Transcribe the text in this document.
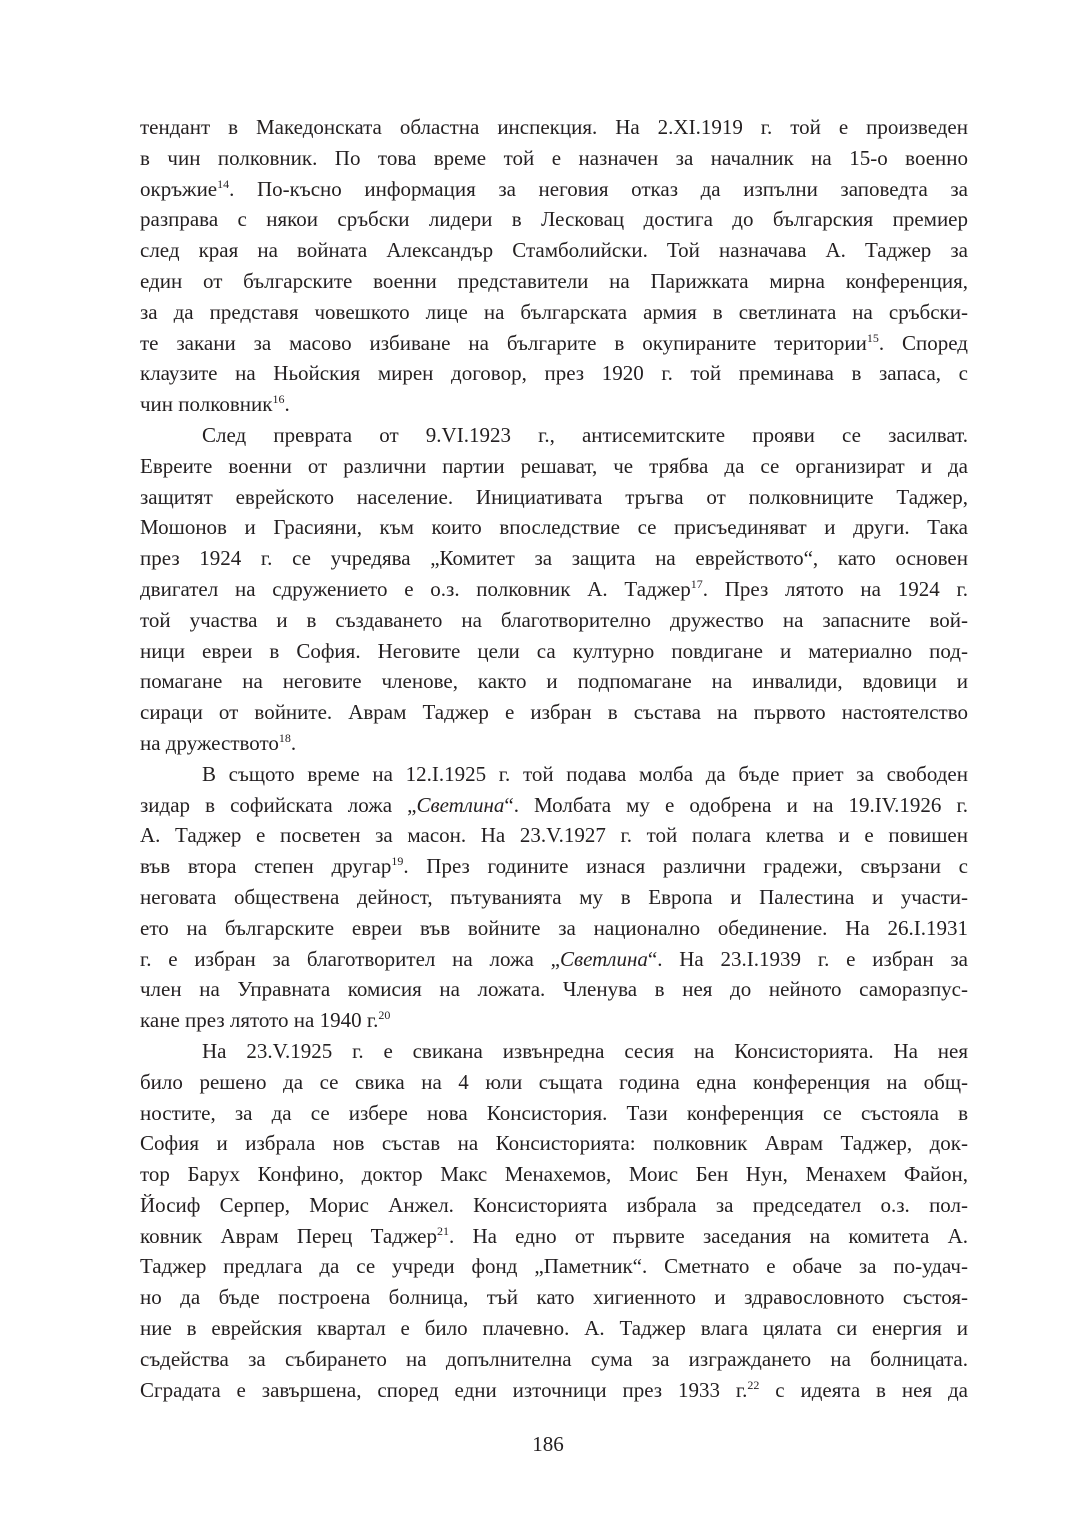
тендант в Македонската областна инспекция. На 2.XI.1919 г. той е произведен
в чин полковник. По това време той е назначен за началник на 15-о военно
окръжие$^{14}$. По-късно информация за неговия отказ да изпълни заповедта за
разправа с някои сръбски лидери в Лесковац достига до българския премиер
след края на войната Александър Стамболийски. Той назначава А. Таджер за
един от българските военни представители на Парижката мирна конференция,
за да представя човешкото лице на българската армия в светлината на сръбски-
те закани за масово избиване на българите в окупираните територии$^{15}$. Според
клаузите на Ньойския мирен договор, през 1920 г. той преминава в запаса, с
чин полковник$^{16}$.
След превратa от 9.VI.1923 г., антисемитските прояви се засилват.
Евреите военни от различни партии решават, че трябва да се организират и да
защитят еврейското население. Инициативата тръгва от полковниците Таджер,
Мошонов и Грасияни, към които впоследствие се присъединяват и други. Така
през 1924 г. се учредява „Комитет за защита на еврейството“, като основен
двигател на сдружението е о.з. полковник А. Таджер$^{17}$. През лятото на 1924 г.
той участва и в създаването на благотворително дружество на запасните вой-
ници евреи в София. Неговите цели са културно повдигане и материално под-
помагане на неговите членове, както и подпомагане на инвалиди, вдовици и
сираци от войните. Аврам Таджер е избран в състава на първото настоятелство
на дружеството$^{18}$.
В същото време на 12.I.1925 г. той подава молба да бъде приет за свободен
зидар в софийската ложа „Светлина“. Молбата му е одобрена и на 19.IV.1926 г.
А. Таджер е посветен за масон. На 23.V.1927 г. той полага клетва и е повишен
във втора степен другар$^{19}$. През годините изнася различни градежи, свързани с
неговата обществена дейност, пътуванията му в Европа и Палестина и участи-
ето на българските евреи във войните за национално обединение. На 26.I.1931
г. е избран за благотворител на ложа „Светлина“. На 23.I.1939 г. е избран за
член на Управната комисия на ложата. Членува в нея до нейното саморазпус-
кане през лятото на 1940 г.$^{20}$
На 23.V.1925 г. е свикана извънредна сесия на Консисторията. На нея
било решено да се свика на 4 юли същата година една конференция на общ-
ностите, за да се избере нова Консистория. Тази конференция се състояла в
София и избрала нов състав на Консисторията: полковник Аврам Таджер, док-
тор Барух Конфино, доктор Макс Менахемов, Моис Бен Нун, Менахем Файон,
Йосиф Серпер, Морис Анжел. Консисторията избрала за председател о.з. пол-
ковник Аврам Перец Таджер$^{21}$. На едно от първите заседания на комитета А.
Таджер предлага да се учреди фонд „Паметник“. Сметнато е обаче за по-удач-
но да бъде построена болница, тъй като хигиенното и здравословното състоя-
ние в еврейския квартал е било плачевно. А. Таджер влага цялата си енергия и
съдейства за събирането на допълнителна сума за изграждането на болницата.
Сградата е завършена, според едни източници през 1933 г.$^{22}$ с идеята в нея да
186
